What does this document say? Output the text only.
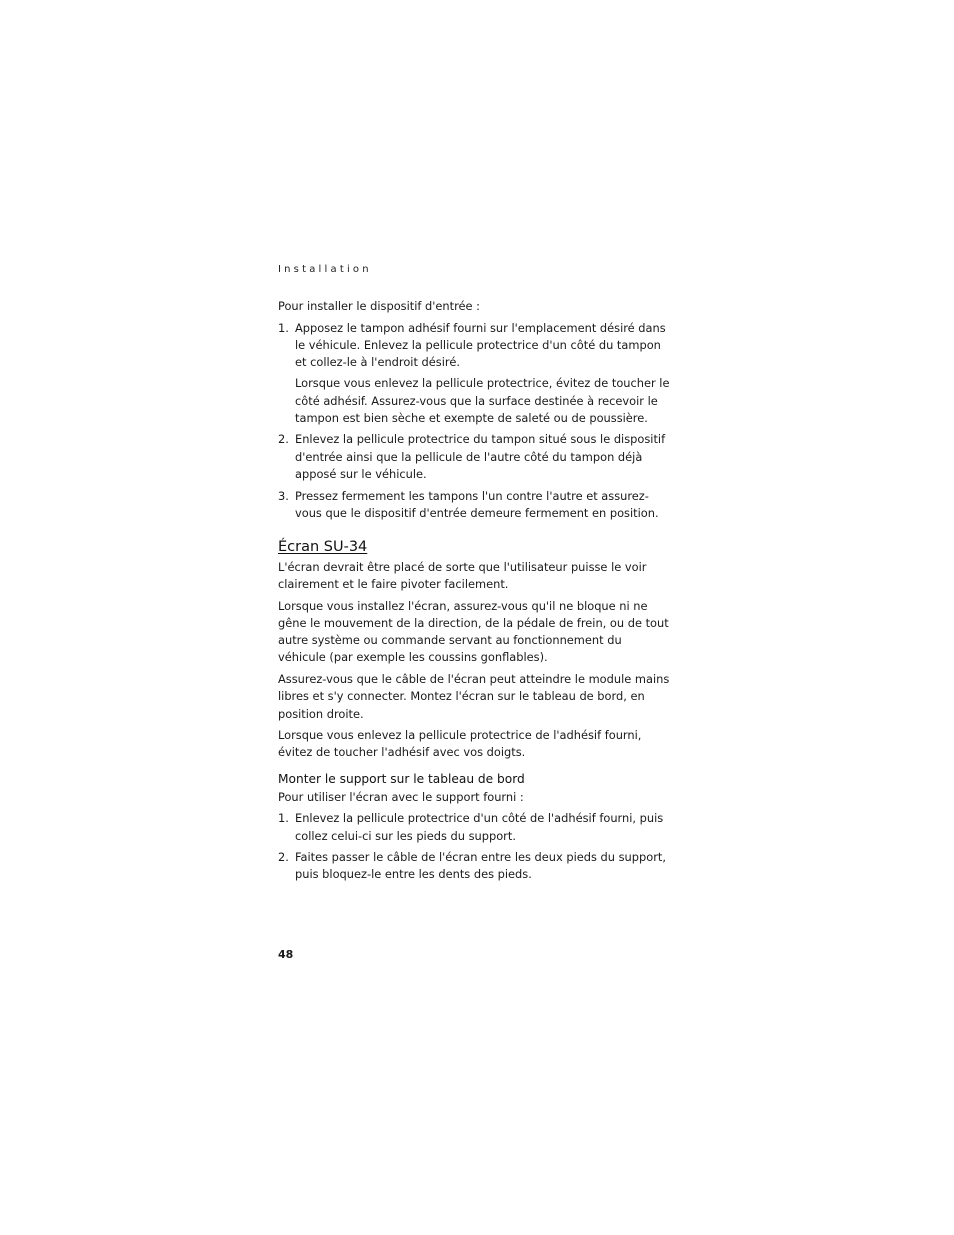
Installation

Pour installer le dispositif d'entrée :

1. Apposez le tampon adhésif fourni sur l'emplacement désiré dans le véhicule. Enlevez la pellicule protectrice d'un côté du tampon et collez-le à l'endroit désiré.

Lorsque vous enlevez la pellicule protectrice, évitez de toucher le côté adhésif. Assurez-vous que la surface destinée à recevoir le tampon est bien sèche et exempte de saleté ou de poussière.

2. Enlevez la pellicule protectrice du tampon situé sous le dispositif d'entrée ainsi que la pellicule de l'autre côté du tampon déjà apposé sur le véhicule.

3. Pressez fermement les tampons l'un contre l'autre et assurez-vous que le dispositif d'entrée demeure fermement en position.

Écran SU-34

L'écran devrait être placé de sorte que l'utilisateur puisse le voir clairement et le faire pivoter facilement.

Lorsque vous installez l'écran, assurez-vous qu'il ne bloque ni ne gêne le mouvement de la direction, de la pédale de frein, ou de tout autre système ou commande servant au fonctionnement du véhicule (par exemple les coussins gonflables).

Assurez-vous que le câble de l'écran peut atteindre le module mains libres et s'y connecter. Montez l'écran sur le tableau de bord, en position droite.

Lorsque vous enlevez la pellicule protectrice de l'adhésif fourni, évitez de toucher l'adhésif avec vos doigts.

Monter le support sur le tableau de bord

Pour utiliser l'écran avec le support fourni :

1. Enlevez la pellicule protectrice d'un côté de l'adhésif fourni, puis collez celui-ci sur les pieds du support.

2. Faites passer le câble de l'écran entre les deux pieds du support, puis bloquez-le entre les dents des pieds.

48
